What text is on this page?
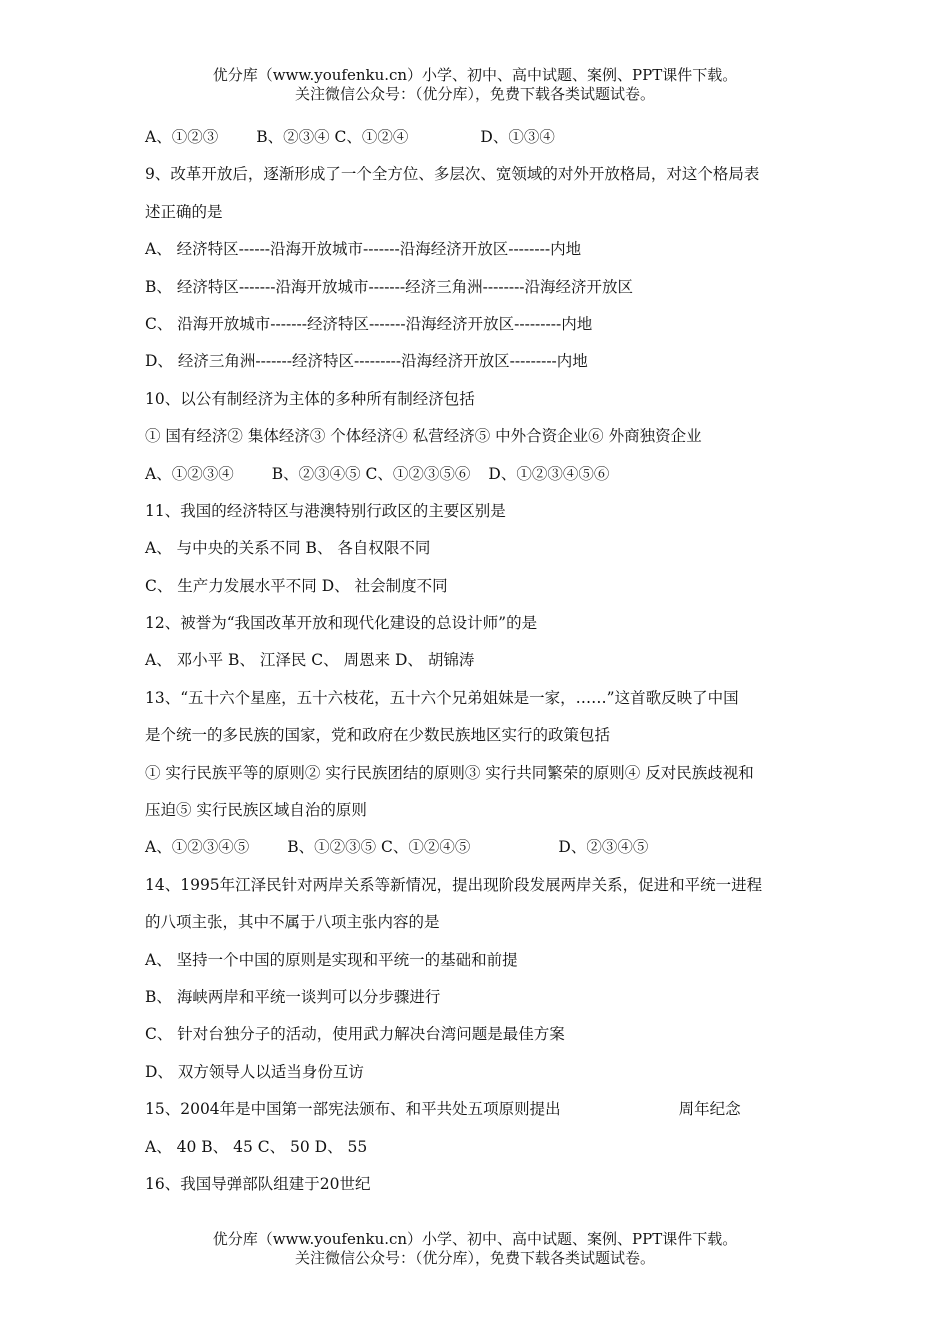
优分库（www.youfenku.cn）小学、初中、高中试题、案例、PPT课件下载。
关注微信公众号：（优分库），免费下载各类试题试卷。
A、①②③ B、②③④ C、①②④	D、①③④
9、改革开放后，逐渐形成了一个全方位、多层次、宽领域的对外开放格局，对这个格局表
述正确的是
A、 经济特区------沿海开放城市-------沿海经济开放区--------内地
B、 经济特区-------沿海开放城市-------经济三角洲--------沿海经济开放区
C、 沿海开放城市-------经济特区-------沿海经济开放区---------内地
D、 经济三角洲-------经济特区---------沿海经济开放区---------内地
10、以公有制经济为主体的多种所有制经济包括
① 国有经济② 集体经济③ 个体经济④ 私营经济⑤ 中外合资企业⑥ 外商独资企业
A、①②③④ B、②③④⑤ C、①②③⑤⑥ D、①②③④⑤⑥
11、我国的经济特区与港澳特别行政区的主要区别是
A、 与中央的关系不同 B、 各自权限不同
C、 生产力发展水平不同 D、 社会制度不同
12、被誉为“我国改革开放和现代化建设的总设计师”的是
A、 邓小平 B、 江泽民 C、 周恩来 D、 胡锦涛
13、“五十六个星座，五十六枝花，五十六个兄弟姐妹是一家，……”这首歌反映了中国
是个统一的多民族的国家，党和政府在少数民族地区实行的政策包括
① 实行民族平等的原则② 实行民族团结的原则③ 实行共同繁荣的原则④ 反对民族歧视和
压迫⑤ 实行民族区域自治的原则
A、①②③④⑤ B、①②③⑤ C、①②④⑤	D、②③④⑤
14、1995年江泽民针对两岸关系等新情况，提出现阶段发展两岸关系，促进和平统一进程
的八项主张，其中不属于八项主张内容的是
A、 坚持一个中国的原则是实现和平统一的基础和前提
B、 海峡两岸和平统一谈判可以分步骤进行
C、 针对台独分子的活动，使用武力解决台湾问题是最佳方案
D、 双方领导人以适当身份互访
15、2004年是中国第一部宪法颁布、和平共处五项原则提出	周年纪念
A、 40 B、 45 C、 50 D、 55
16、我国导弹部队组建于20世纪
优分库（www.youfenku.cn）小学、初中、高中试题、案例、PPT课件下载。
关注微信公众号：（优分库），免费下载各类试题试卷。
